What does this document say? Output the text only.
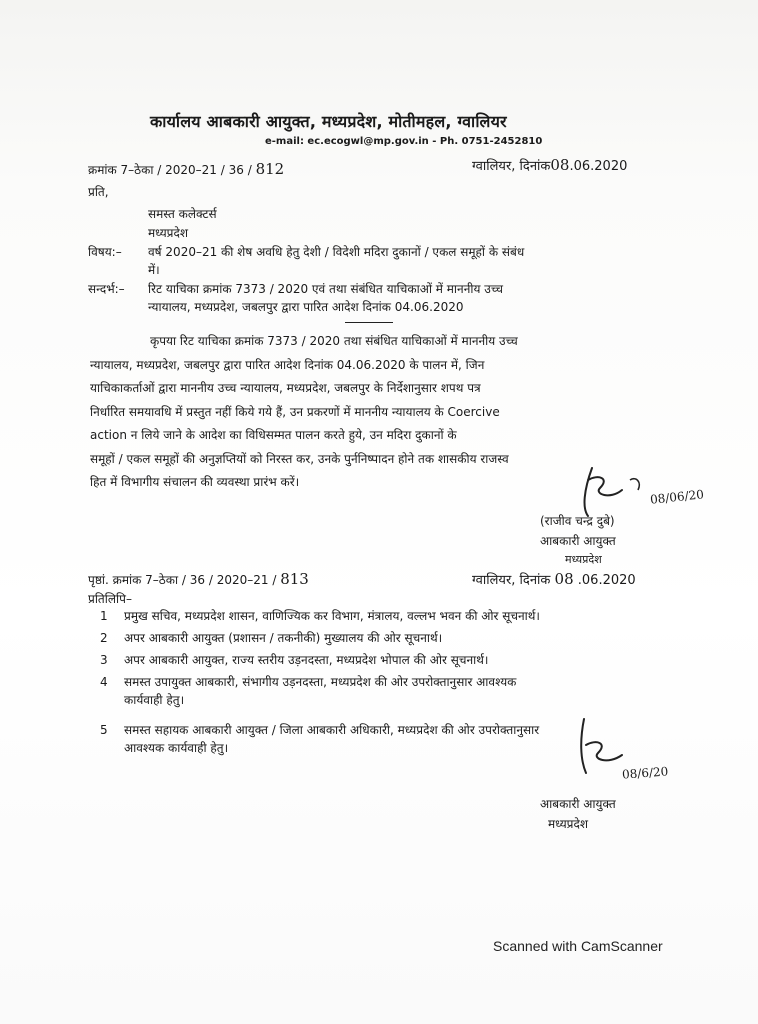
कार्यालय आबकारी आयुक्त, मध्यप्रदेश, मोतीमहल, ग्वालियर
e-mail: ec.ecogwl@mp.gov.in - Ph. 0751-2452810
क्रमांक 7–ठेका / 2020–21 / 36 / 812	ग्वालियर, दिनांक08.06.2020
प्रति,
समस्त कलेक्टर्स
मध्यप्रदेश
विषय:– वर्ष 2020–21 की शेष अवधि हेतु देशी / विदेशी मदिरा दुकानों / एकल समूहों के संबंध
में।
सन्दर्भ:– रिट याचिका क्रमांक 7373 / 2020 एवं तथा संबंधित याचिकाओं में माननीय उच्च
न्यायालय, मध्यप्रदेश, जबलपुर द्वारा पारित आदेश दिनांक 04.06.2020

कृपया रिट याचिका क्रमांक 7373 / 2020 तथा संबंधित याचिकाओं में माननीय उच्च

न्यायालय, मध्यप्रदेश, जबलपुर द्वारा पारित आदेश दिनांक 04.06.2020 के पालन में, जिन

याचिकाकर्ताओं द्वारा माननीय उच्च न्यायालय, मध्यप्रदेश, जबलपुर के निर्देशानुसार शपथ पत्र

निर्धारित समयावधि में प्रस्तुत नहीं किये गये हैं, उन प्रकरणों में माननीय न्यायालय के Coercive

action न लिये जाने के आदेश का विधिसम्मत पालन करते हुये, उन मदिरा दुकानों के

समूहों / एकल समूहों की अनुज्ञप्तियों को निरस्त कर, उनके पुर्ननिष्पादन होने तक शासकीय राजस्व

हित में विभागीय संचालन की व्यवस्था प्रारंभ करें।

08/06/20
(राजीव चन्द्र दुबे)
आबकारी आयुक्त
मध्यप्रदेश
पृष्ठां. क्रमांक 7–ठेका / 36 / 2020–21 / 813	ग्वालियर, दिनांक 08 .06.2020
प्रतिलिपि–
1	प्रमुख सचिव, मध्यप्रदेश शासन, वाणिज्यिक कर विभाग, मंत्रालय, वल्लभ भवन की ओर सूचनार्थ।
2	अपर आबकारी आयुक्त (प्रशासन / तकनीकी) मुख्यालय की ओर सूचनार्थ।
3	अपर आबकारी आयुक्त, राज्य स्तरीय उड़नदस्ता, मध्यप्रदेश भोपाल की ओर सूचनार्थ।
4	समस्त उपायुक्त आबकारी, संभागीय उड़नदस्ता, मध्यप्रदेश की ओर उपरोक्तानुसार आवश्यक
कार्यवाही हेतु।
5	समस्त सहायक आबकारी आयुक्त / जिला आबकारी अधिकारी, मध्यप्रदेश की ओर उपरोक्तानुसार
आवश्यक कार्यवाही हेतु।
08/6/20
आबकारी आयुक्त
मध्यप्रदेश
Scanned with CamScanner
